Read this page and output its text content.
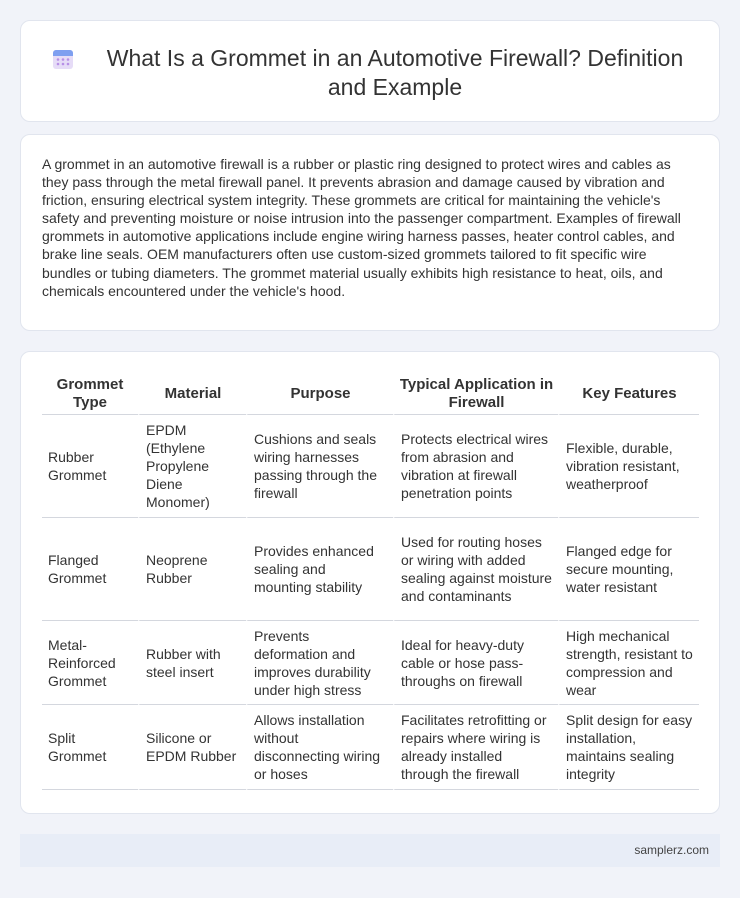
What Is a Grommet in an Automotive Firewall? Definition and Example

A grommet in an automotive firewall is a rubber or plastic ring designed to protect wires and cables as they pass through the metal firewall panel. It prevents abrasion and damage caused by vibration and friction, ensuring electrical system integrity. These grommets are critical for maintaining the vehicle's safety and preventing moisture or noise intrusion into the passenger compartment. Examples of firewall grommets in automotive applications include engine wiring harness passes, heater control cables, and brake line seals. OEM manufacturers often use custom-sized grommets tailored to fit specific wire bundles or tubing diameters. The grommet material usually exhibits high resistance to heat, oils, and chemicals encountered under the vehicle's hood.

Grommet Type	Material	Purpose	Typical Application in Firewall	Key Features
Rubber Grommet	EPDM (Ethylene Propylene Diene Monomer)	Cushions and seals wiring harnesses passing through the firewall	Protects electrical wires from abrasion and vibration at firewall penetration points	Flexible, durable, vibration resistant, weatherproof
Flanged Grommet	Neoprene Rubber	Provides enhanced sealing and mounting stability	Used for routing hoses or wiring with added sealing against moisture and contaminants	Flanged edge for secure mounting, water resistant
Metal-Reinforced Grommet	Rubber with steel insert	Prevents deformation and improves durability under high stress	Ideal for heavy-duty cable or hose pass-throughs on firewall	High mechanical strength, resistant to compression and wear
Split Grommet	Silicone or EPDM Rubber	Allows installation without disconnecting wiring or hoses	Facilitates retrofitting or repairs where wiring is already installed through the firewall	Split design for easy installation, maintains sealing integrity
samplerz.com
